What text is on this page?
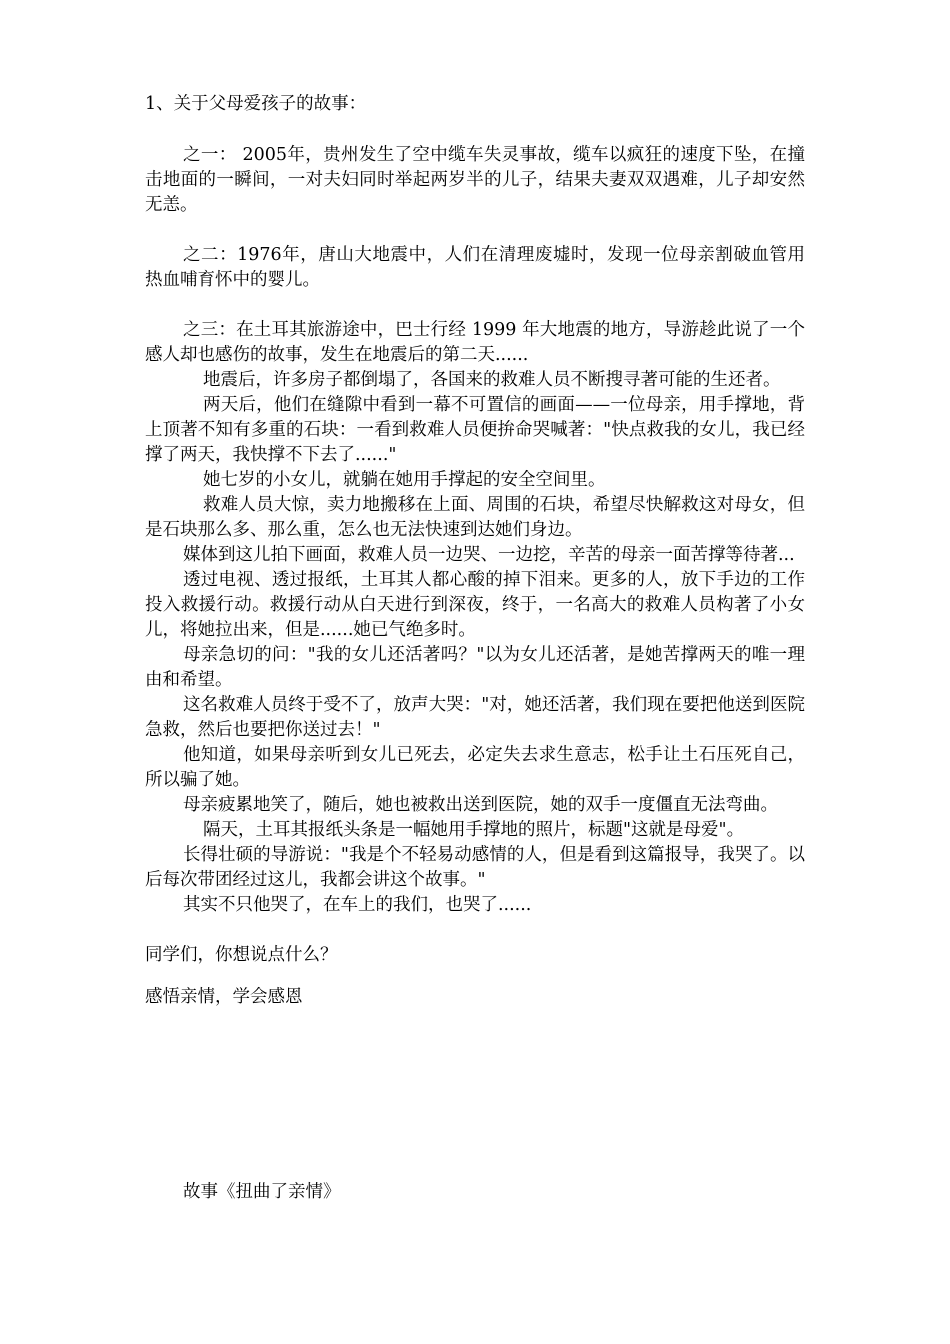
1、关于父母爱孩子的故事：

之一： 2005年，贵州发生了空中缆车失灵事故，缆车以疯狂的速度下坠，在撞击地面的一瞬间，一对夫妇同时举起两岁半的儿子，结果夫妻双双遇难，儿子却安然无恙。

之二：1976年，唐山大地震中，人们在清理废墟时，发现一位母亲割破血管用热血哺育怀中的婴儿。

之三：在土耳其旅游途中，巴士行经 1999 年大地震的地方，导游趁此说了一个感人却也感伤的故事，发生在地震后的第二天......

地震后，许多房子都倒塌了，各国来的救难人员不断搜寻著可能的生还者。

两天后，他们在缝隙中看到一幕不可置信的画面——一位母亲，用手撑地，背上顶著不知有多重的石块：一看到救难人员便拚命哭喊著："快点救我的女儿，我已经撑了两天，我快撑不下去了......"

她七岁的小女儿，就躺在她用手撑起的安全空间里。

救难人员大惊，卖力地搬移在上面、周围的石块，希望尽快解救这对母女，但是石块那么多、那么重，怎么也无法快速到达她们身边。

媒体到这儿拍下画面，救难人员一边哭、一边挖，辛苦的母亲一面苦撑等待著...

透过电视、透过报纸，土耳其人都心酸的掉下泪来。更多的人，放下手边的工作投入救援行动。救援行动从白天进行到深夜，终于，一名高大的救难人员构著了小女儿，将她拉出来，但是......她已气绝多时。

母亲急切的问："我的女儿还活著吗？"以为女儿还活著，是她苦撑两天的唯一理由和希望。

这名救难人员终于受不了，放声大哭："对，她还活著，我们现在要把他送到医院急救，然后也要把你送过去！"

他知道，如果母亲听到女儿已死去，必定失去求生意志，松手让土石压死自己，所以骗了她。

母亲疲累地笑了，随后，她也被救出送到医院，她的双手一度僵直无法弯曲。

隔天，土耳其报纸头条是一幅她用手撑地的照片，标题"这就是母爱"。

长得壮硕的导游说："我是个不轻易动感情的人，但是看到这篇报导，我哭了。以后每次带团经过这儿，我都会讲这个故事。"

其实不只他哭了，在车上的我们，也哭了......

同学们，你想说点什么？

感悟亲情，学会感恩

故事《扭曲了亲情》
